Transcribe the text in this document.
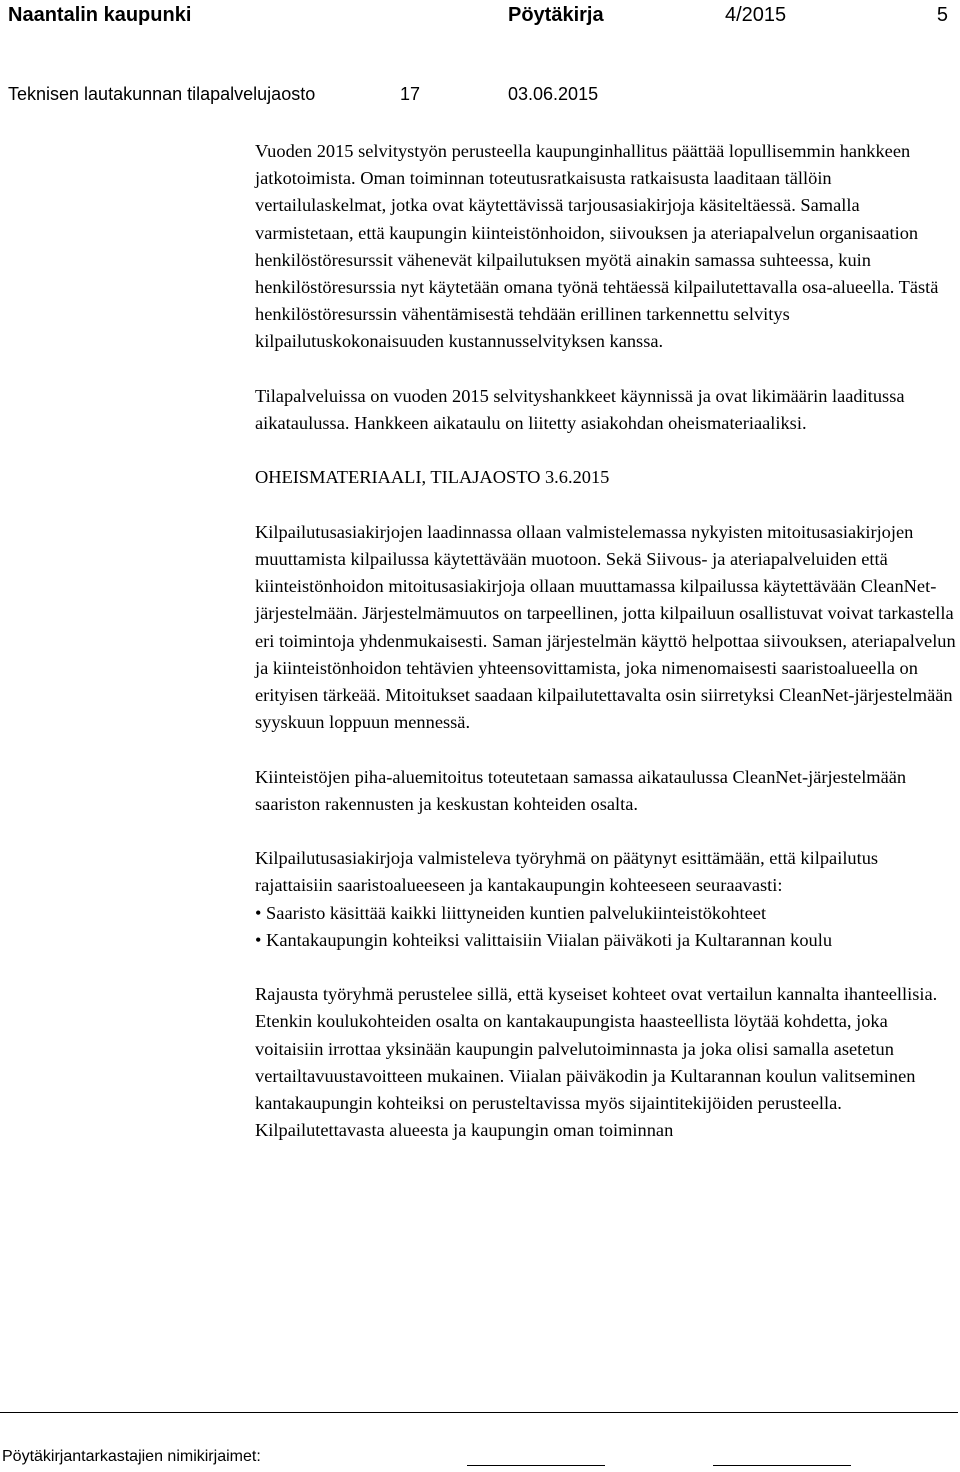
Naantalin kaupunki	Pöytäkirja	4/2015	5
Teknisen lautakunnan tilapalvelujaosto	17	03.06.2015

Vuoden 2015 selvitystyön perusteella kaupunginhallitus päättää lopullisemmin hankkeen jatkotoimista. Oman toiminnan toteutusratkaisusta ratkaisusta laaditaan tällöin vertailulaskelmat, jotka ovat käytettävissä tarjousasiakirjoja käsiteltäessä. Samalla varmistetaan, että kaupungin kiinteistönhoidon, siivouksen ja ateriapalvelun organisaation henkilöstöresurssit vähenevät kilpailutuksen myötä ainakin samassa suhteessa, kuin henkilöstöresurssia nyt käytetään omana työnä tehtäessä kilpailutettavalla osa-alueella. Tästä henkilöstöresurssin vähentämisestä tehdään erillinen tarkennettu selvitys kilpailutuskokonaisuuden kustannusselvityksen kanssa.

Tilapalveluissa on vuoden 2015 selvityshankkeet käynnissä ja ovat likimäärin laaditussa aikataulussa. Hankkeen aikataulu on liitetty asiakohdan oheismateriaaliksi.

OHEISMATERIAALI, TILAJAOSTO 3.6.2015

Kilpailutusasiakirjojen laadinnassa ollaan valmistelemassa nykyisten mitoitusasiakirjojen muuttamista kilpailussa käytettävään muotoon. Sekä Siivous- ja ateriapalveluiden että kiinteistönhoidon mitoitusasiakirjoja ollaan muuttamassa kilpailussa käytettävään CleanNet-järjestelmään. Järjestelmämuutos on tarpeellinen, jotta kilpailuun osallistuvat voivat tarkastella eri toimintoja yhdenmukaisesti. Saman järjestelmän käyttö helpottaa siivouksen, ateriapalvelun ja kiinteistönhoidon tehtävien yhteensovittamista, joka nimenomaisesti saaristoalueella on erityisen tärkeää. Mitoitukset saadaan kilpailutettavalta osin siirretyksi CleanNet-järjestelmään syyskuun loppuun mennessä.

Kiinteistöjen piha-aluemitoitus toteutetaan samassa aikataulussa CleanNet-järjestelmään saariston rakennusten ja keskustan kohteiden osalta.

Kilpailutusasiakirjoja valmisteleva työryhmä on päätynyt esittämään, että kilpailutus rajattaisiin saaristoalueeseen ja kantakaupungin kohteeseen seuraavasti:

• Saaristo käsittää kaikki liittyneiden kuntien palvelukiinteistökohteet
• Kantakaupungin kohteiksi valittaisiin Viialan päiväkoti ja Kultarannan koulu

Rajausta työryhmä perustelee sillä, että kyseiset kohteet ovat vertailun kannalta ihanteellisia. Etenkin koulukohteiden osalta on kantakaupungista haasteellista löytää kohdetta, joka voitaisiin irrottaa yksinään kaupungin palvelutoiminnasta ja joka olisi samalla asetetun vertailtavuustavoitteen mukainen. Viialan päiväkodin ja Kultarannan koulun valitseminen kantakaupungin kohteiksi on perusteltavissa myös sijaintitekijöiden perusteella. Kilpailutettavasta alueesta ja kaupungin oman toiminnan

Pöytäkirjantarkastajien nimikirjaimet:
